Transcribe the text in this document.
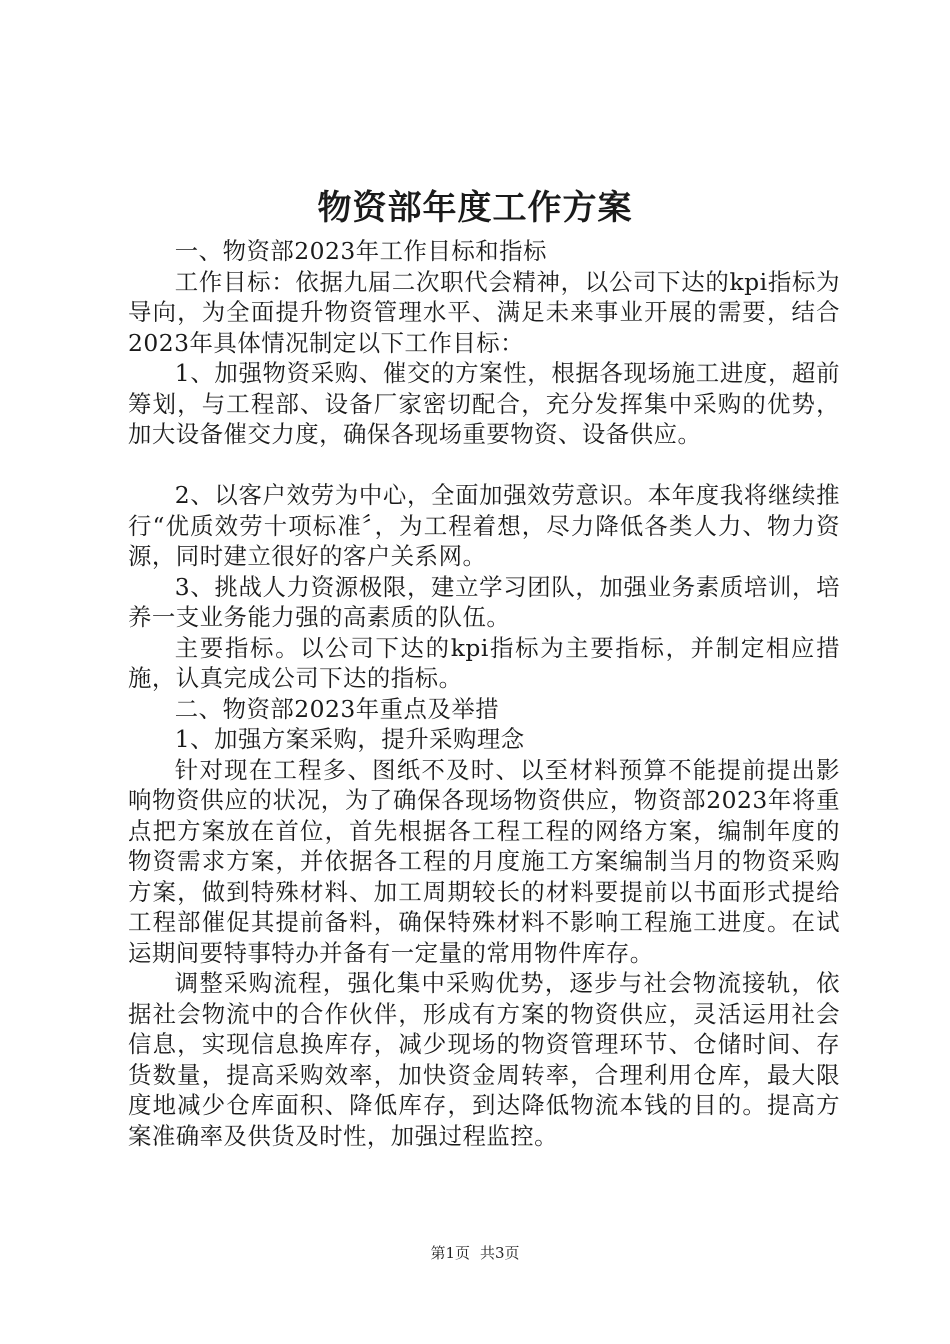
物资部年度工作方案

一、物资部2023年工作目标和指标

工作目标：依据九届二次职代会精神，以公司下达的kpi指标为导向，为全面提升物资管理水平、满足未来事业开展的需要，结合2023年具体情况制定以下工作目标：

1、加强物资采购、催交的方案性，根据各现场施工进度，超前筹划，与工程部、设备厂家密切配合，充分发挥集中采购的优势，加大设备催交力度，确保各现场重要物资、设备供应。

2、以客户效劳为中心，全面加强效劳意识。本年度我将继续推行“优质效劳十项标准〞，为工程着想，尽力降低各类人力、物力资源，同时建立很好的客户关系网。

3、挑战人力资源极限，建立学习团队，加强业务素质培训，培养一支业务能力强的高素质的队伍。

主要指标。以公司下达的kpi指标为主要指标，并制定相应措施，认真完成公司下达的指标。

二、物资部2023年重点及举措

1、加强方案采购，提升采购理念

针对现在工程多、图纸不及时、以至材料预算不能提前提出影响物资供应的状况，为了确保各现场物资供应，物资部2023年将重点把方案放在首位，首先根据各工程工程的网络方案，编制年度的物资需求方案，并依据各工程的月度施工方案编制当月的物资采购方案，做到特殊材料、加工周期较长的材料要提前以书面形式提给工程部催促其提前备料，确保特殊材料不影响工程施工进度。在试运期间要特事特办并备有一定量的常用物件库存。

调整采购流程，强化集中采购优势，逐步与社会物流接轨，依据社会物流中的合作伙伴，形成有方案的物资供应，灵活运用社会信息，实现信息换库存，减少现场的物资管理环节、仓储时间、存货数量，提高采购效率，加快资金周转率，合理利用仓库，最大限度地减少仓库面积、降低库存，到达降低物流本钱的目的。提高方案准确率及供货及时性，加强过程监控。

第1页 共3页
